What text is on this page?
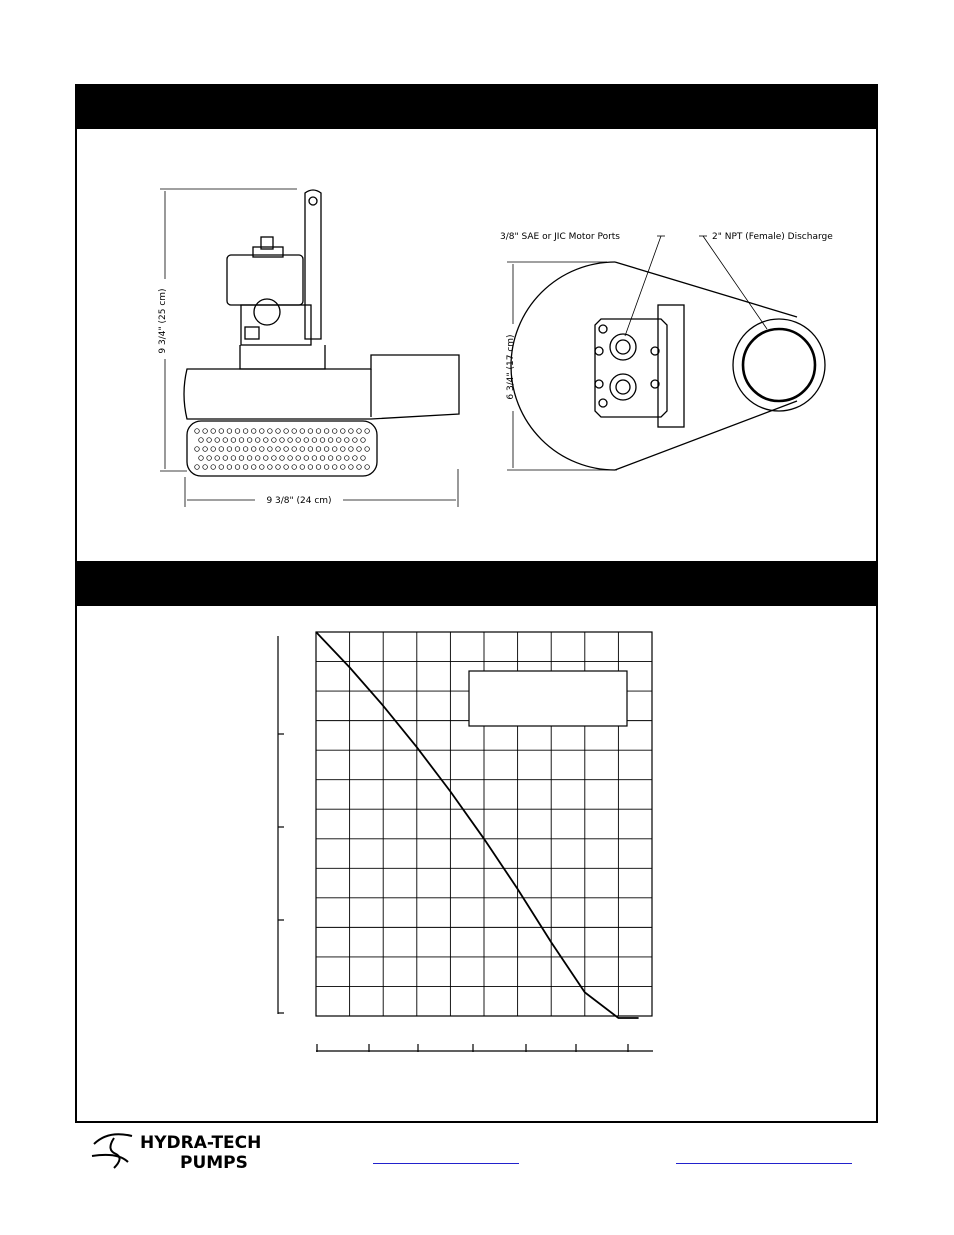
9 3/4" (25 cm)
9 3/8" (24 cm)
6 3/4" (17 cm)
3/8" SAE or JIC Motor Ports	2" NPT (Female) Discharge
HYDRA-TECH
PUMPS
